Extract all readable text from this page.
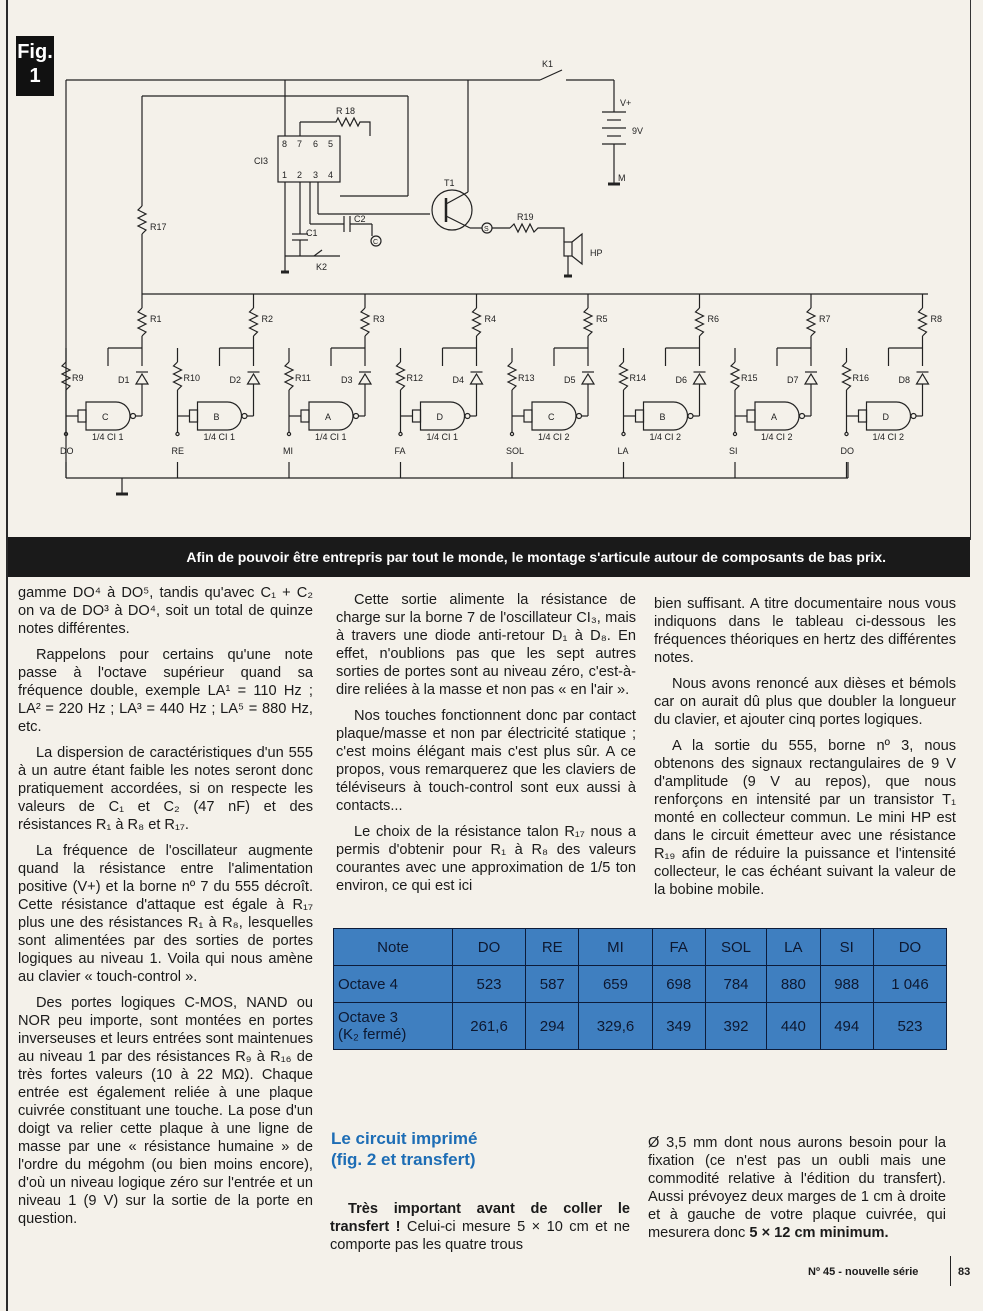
Fig.
1
K1
V+
9V
M
CI3
8 7 6 5
1 2 3 4
R 18
C
C2
C1
K2
R17
T1
S
R19
HP
R1
D1
R9
C
1/4 CI 1
DO
R2
D2
R10
B
1/4 CI 1
RE
R3
D3
R11
A
1/4 CI 1
MI
R4
D4
R12
D
1/4 CI 1
FA
R5
D5
R13
C
1/4 CI 2
SOL
R6
D6
R14
B
1/4 CI 2
LA
R7
D7
R15
A
1/4 CI 2
SI
R8
D8
R16
D
1/4 CI 2
DO
Afin de pouvoir être entrepris par tout le monde, le montage s'articule autour de composants de bas prix.

gamme DO⁴ à DO⁵, tandis qu'avec C₁ + C₂ on va de DO³ à DO⁴, soit un total de quinze notes différentes.

Rappelons pour certains qu'une note passe à l'octave supérieur quand sa fréquence double, exemple LA¹ = 110 Hz ; LA² = 220 Hz ; LA³ = 440 Hz ; LA⁵ = 880 Hz, etc.

La dispersion de caractéristiques d'un 555 à un autre étant faible les notes seront donc pratiquement accordées, si on respecte les valeurs de C₁ et C₂ (47 nF) et des résistances R₁ à R₈ et R₁₇.

La fréquence de l'oscillateur augmente quand la résistance entre l'alimentation positive (V+) et la borne nº 7 du 555 décroît. Cette résistance d'attaque est égale à R₁₇ plus une des résistances R₁ à R₈, lesquelles sont alimentées par des sorties de portes logiques au niveau 1. Voila qui nous amène au clavier « touch-control ».

Des portes logiques C-MOS, NAND ou NOR peu importe, sont montées en portes inverseuses et leurs entrées sont maintenues au niveau 1 par des résistances R₉ à R₁₆ de très fortes valeurs (10 à 22 MΩ). Chaque entrée est également reliée à une plaque cuivrée constituant une touche. La pose d'un doigt va relier cette plaque à une ligne de masse par une « résistance humaine » de l'ordre du mégohm (ou bien moins encore), d'où un niveau logique zéro sur l'entrée et un niveau 1 (9 V) sur la sortie de la porte en question.

Cette sortie alimente la résistance de charge sur la borne 7 de l'oscillateur CI₃, mais à travers une diode anti-retour D₁ à D₈. En effet, n'oublions pas que les sept autres sorties de portes sont au niveau zéro, c'est-à-dire reliées à la masse et non pas « en l'air ».

Nos touches fonctionnent donc par contact plaque/masse et non par électricité statique ; c'est moins élégant mais c'est plus sûr. A ce propos, vous remarquerez que les claviers de téléviseurs à touch-control sont eux aussi à contacts...

Le choix de la résistance talon R₁₇ nous a permis d'obtenir pour R₁ à R₈ des valeurs courantes avec une approximation de 1/5 ton environ, ce qui est ici

bien suffisant. A titre documentaire nous vous indiquons dans le tableau ci-dessous les fréquences théoriques en hertz des différentes notes.

Nous avons renoncé aux dièses et bémols car on aurait dû plus que doubler la longueur du clavier, et ajouter cinq portes logiques.

A la sortie du 555, borne nº 3, nous obtenons des signaux rectangulaires de 9 V d'amplitude (9 V au repos), que nous renforçons en intensité par un transistor T₁ monté en collecteur commun. Le mini HP est dans le circuit émetteur avec une résistance R₁₉ afin de réduire la puissance et l'intensité collecteur, le cas échéant suivant la valeur de la bobine mobile.

Note	DO	RE	MI	FA	SOL	LA	SI	DO
Octave 4	523	587	659	698	784	880	988	1 046
Octave 3
(K₂ fermé)	261,6	294	329,6	349	392	440	494	523
Le circuit imprimé
(fig. 2 et transfert)

Très important avant de coller le transfert ! Celui-ci mesure 5 × 10 cm et ne comporte pas les quatre trous

Ø 3,5 mm dont nous aurons besoin pour la fixation (ce n'est pas un oubli mais une commodité relative à l'édition du transfert). Aussi prévoyez deux marges de 1 cm à droite et à gauche de votre plaque cuivrée, qui mesurera donc 5 × 12 cm minimum.

Nº 45 - nouvelle série	83
